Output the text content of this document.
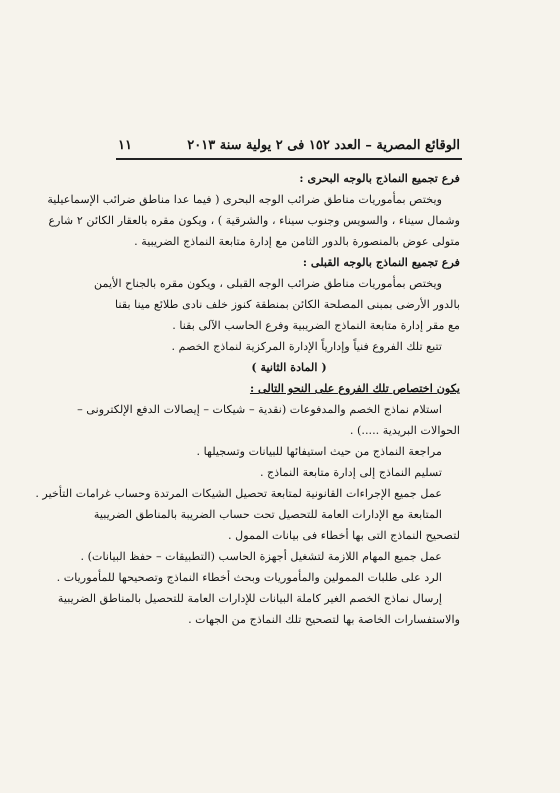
الوقائع المصرية – العدد ١٥٢ فى ٢ يولية سنة ٢٠١٣
١١
فرع تجميع النماذج بالوجه البحرى :
ويختص بمأموريات مناطق ضرائب الوجه البحرى ( فيما عدا مناطق ضرائب الإسماعيلية
وشمال سيناء ، والسويس وجنوب سيناء ، والشرقية ) ، ويكون مقره بالعقار الكائن ٢ شارع
متولى عوض بالمنصورة بالدور الثامن مع إدارة متابعة النماذج الضريبية .
فرع تجميع النماذج بالوجه القبلى :
ويختص بمأموريات مناطق ضرائب الوجه القبلى ، ويكون مقره بالجناح الأيمن
بالدور الأرضى بمبنى المصلحة الكائن بمنطقة كنوز خلف نادى طلائع مينا بقنا
مع مقر إدارة متابعة النماذج الضريبية وفرع الحاسب الآلى بقنا .
تتبع تلك الفروع فنياً وإدارياً الإدارة المركزية لنماذج الخصم .
( المادة الثانية )
يكون اختصاص تلك الفروع على النحو التالى :
استلام نماذج الخصم والمدفوعات (نقدية – شيكات – إيصالات الدفع الإلكترونى –
الحوالات البريدية .....) .
مراجعة النماذج من حيث استيفائها للبيانات وتسجيلها .
تسليم النماذج إلى إدارة متابعة النماذج .
عمل جميع الإجراءات القانونية لمتابعة تحصيل الشيكات المرتدة وحساب غرامات التأخير .
المتابعة مع الإدارات العامة للتحصيل تحت حساب الضريبة بالمناطق الضريبية
لتصحيح النماذج التى بها أخطاء فى بيانات الممول .
عمل جميع المهام اللازمة لتشغيل أجهزة الحاسب (التطبيقات – حفظ البيانات) .
الرد على طلبات الممولين والمأموريات وبحث أخطاء النماذج وتصحيحها للمأموريات .
إرسال نماذج الخصم الغير كاملة البيانات للإدارات العامة للتحصيل بالمناطق الضريبية
والاستفسارات الخاصة بها لتصحيح تلك النماذج من الجهات .
